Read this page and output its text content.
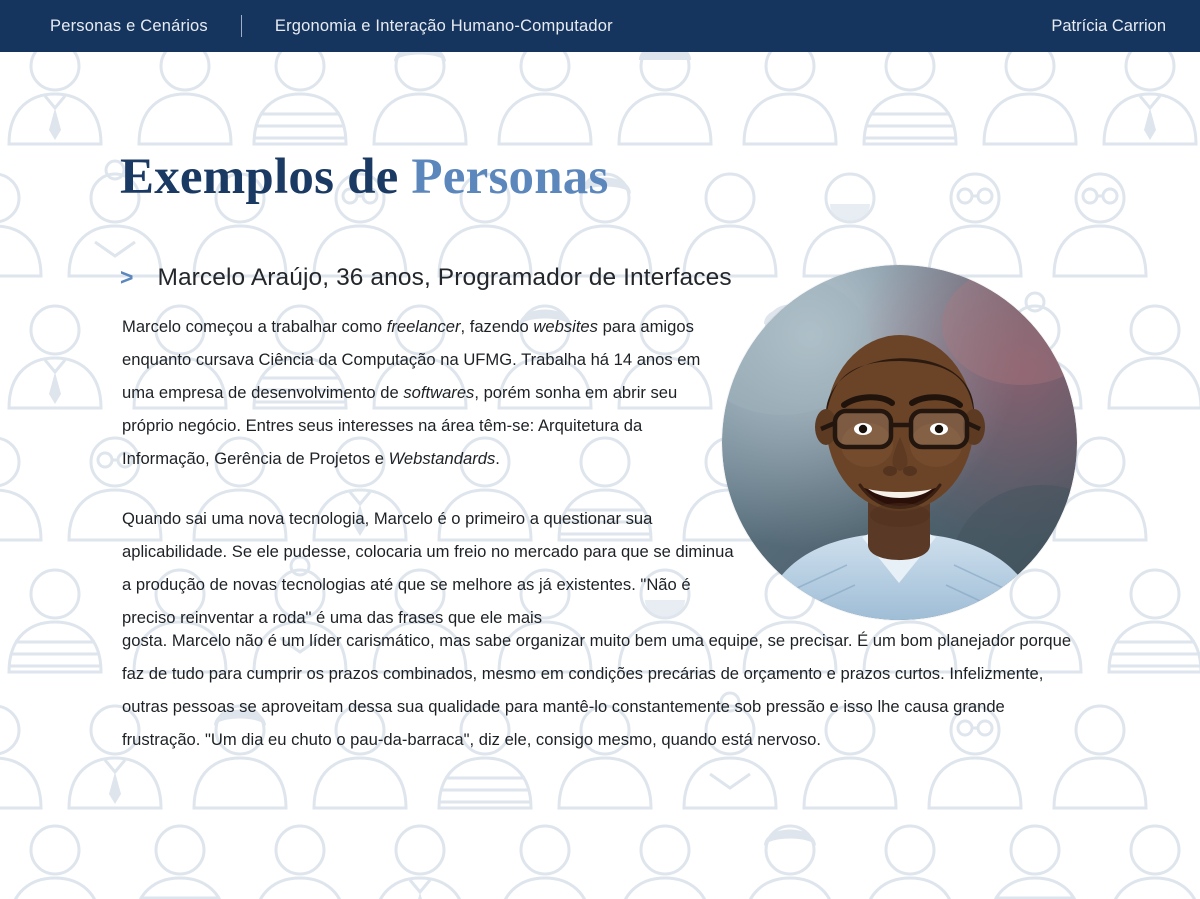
Personas e Cenários	Ergonomia e Interação Humano-Computador	Patrícia Carrion
Exemplos de Personas
> Marcelo Araújo, 36 anos, Programador de Interfaces
Marcelo começou a trabalhar como freelancer, fazendo websites para amigos enquanto cursava Ciência da Computação na UFMG. Trabalha há 14 anos em uma empresa de desenvolvimento de softwares, porém sonha em abrir seu próprio negócio. Entres seus interesses na área têm-se: Arquitetura da Informação, Gerência de Projetos e Webstandards.
Quando sai uma nova tecnologia, Marcelo é o primeiro a questionar sua aplicabilidade. Se ele pudesse, colocaria um freio no mercado para que se diminua a produção de novas tecnologias até que se melhore as já existentes. "Não é preciso reinventar a roda" é uma das frases que ele mais
gosta. Marcelo não é um líder carismático, mas sabe organizar muito bem uma equipe, se precisar. É um bom planejador porque faz de tudo para cumprir os prazos combinados, mesmo em condições precárias de orçamento e prazos curtos. Infelizmente, outras pessoas se aproveitam dessa sua qualidade para mantê-lo constantemente sob pressão e isso lhe causa grande frustração. "Um dia eu chuto o pau-da-barraca", diz ele, consigo mesmo, quando está nervoso.
